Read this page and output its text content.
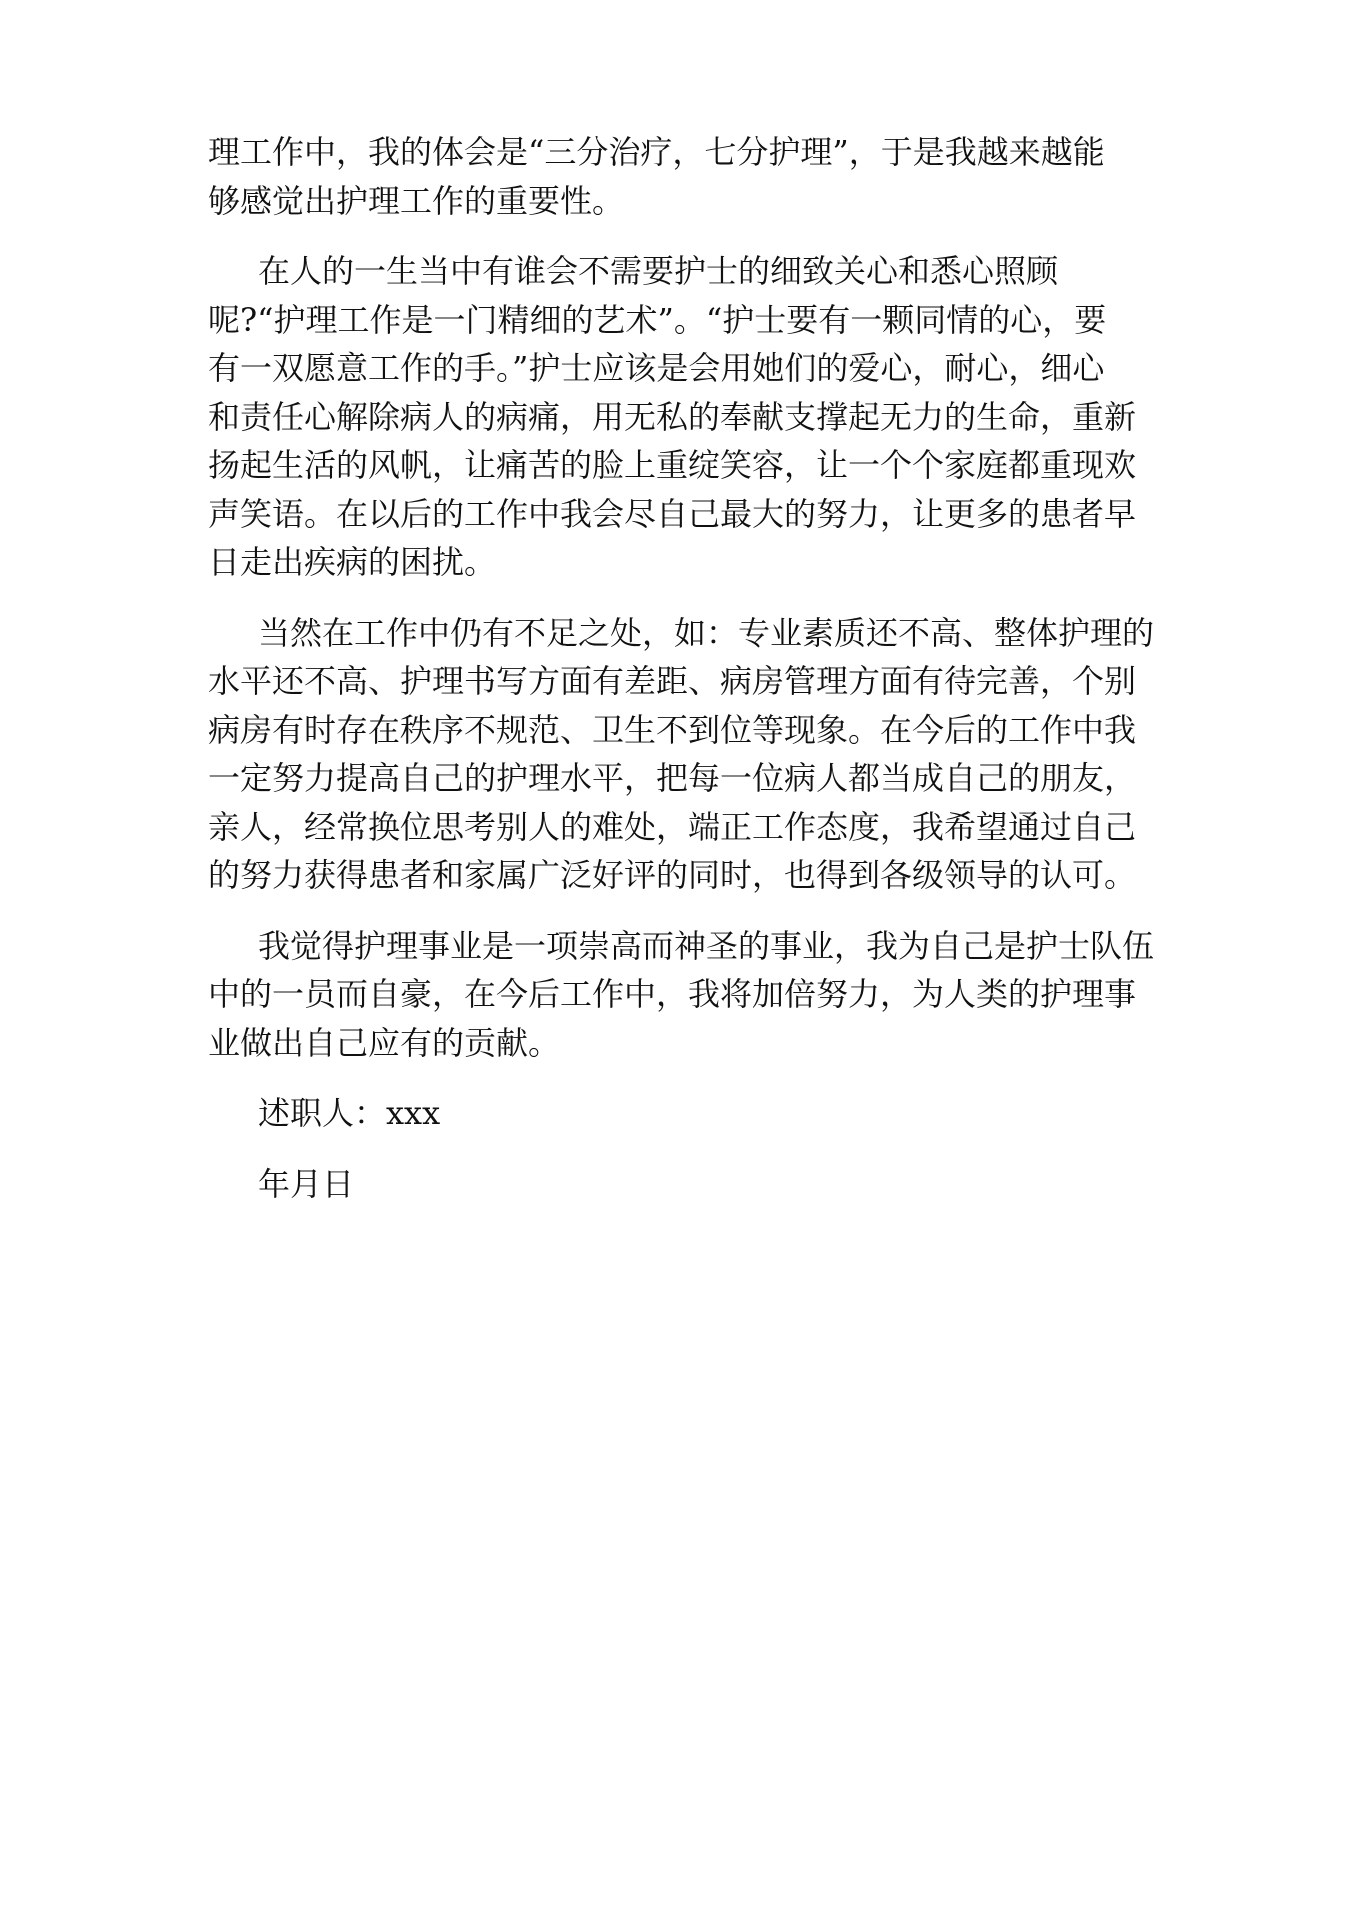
理工作中，我的体会是“三分治疗，七分护理”，于是我越来越能
够感觉出护理工作的重要性。
在人的一生当中有谁会不需要护士的细致关心和悉心照顾
呢?“护理工作是一门精细的艺术”。“护士要有一颗同情的心，要
有一双愿意工作的手。”护士应该是会用她们的爱心，耐心，细心
和责任心解除病人的病痛，用无私的奉献支撑起无力的生命，重新
扬起生活的风帆，让痛苦的脸上重绽笑容，让一个个家庭都重现欢
声笑语。在以后的工作中我会尽自己最大的努力，让更多的患者早
日走出疾病的困扰。
当然在工作中仍有不足之处，如：专业素质还不高、整体护理的
水平还不高、护理书写方面有差距、病房管理方面有待完善，个别
病房有时存在秩序不规范、卫生不到位等现象。在今后的工作中我
一定努力提高自己的护理水平，把每一位病人都当成自己的朋友，
亲人，经常换位思考别人的难处，端正工作态度，我希望通过自己
的努力获得患者和家属广泛好评的同时，也得到各级领导的认可。
我觉得护理事业是一项崇高而神圣的事业，我为自己是护士队伍
中的一员而自豪，在今后工作中，我将加倍努力，为人类的护理事
业做出自己应有的贡献。
述职人：xxx
年月日
